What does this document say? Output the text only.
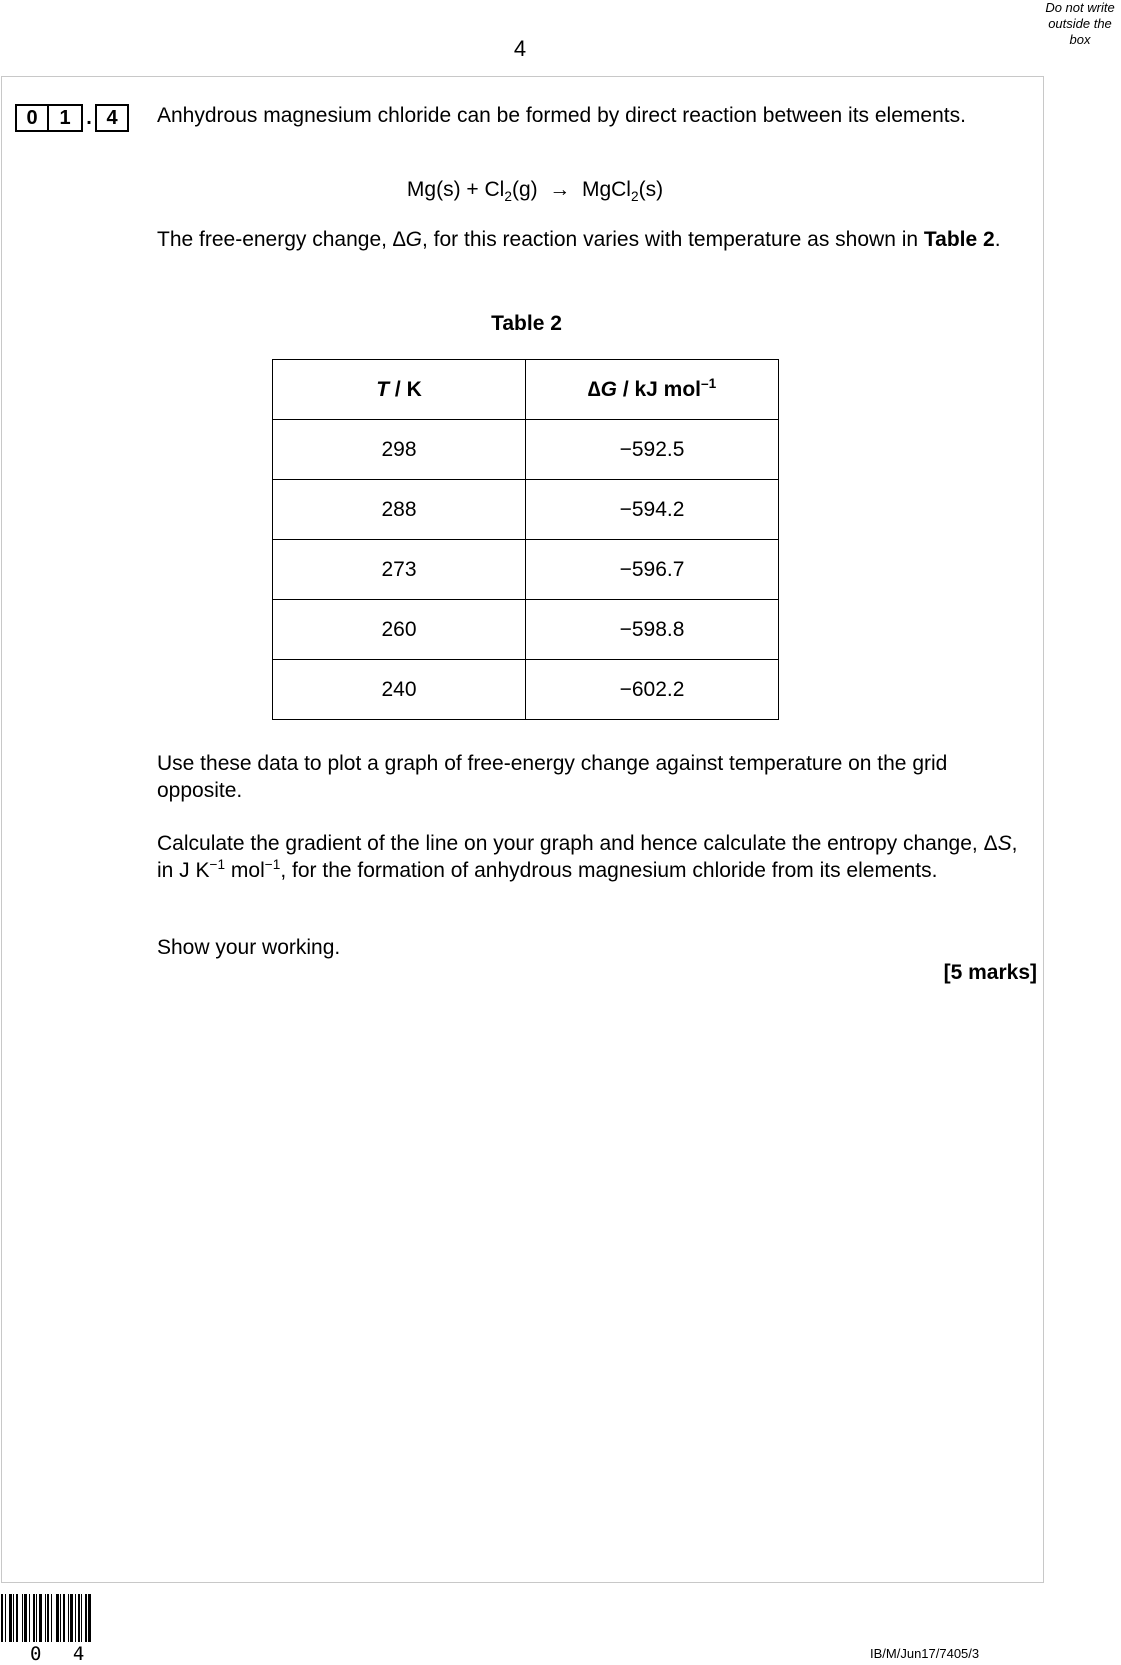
4
Do not write
outside the
box
0	1 . 4	Anhydrous magnesium chloride can be formed by direct reaction between its elements.
$Mg(s) + Cl_2(g)$ → MgCl$_2$(s)
The free-energy change, ∆G, for this reaction varies with temperature as shown in Table 2.
Table 2
T / K	∆G / kJ mol$^{-1}$
298	−592.5
288	−594.2
273	−596.7
260	−598.8
240	−602.2
Use these data to plot a graph of free-energy change against temperature on the grid opposite.
Calculate the gradient of the line on your graph and hence calculate the entropy change, ΔS, in J $K^{-1}$ mol$^{-1}$, for the formation of anhydrous magnesium chloride from its elements.
Show your working.
[5 marks]
0 4	IB/M/Jun17/7405/3
